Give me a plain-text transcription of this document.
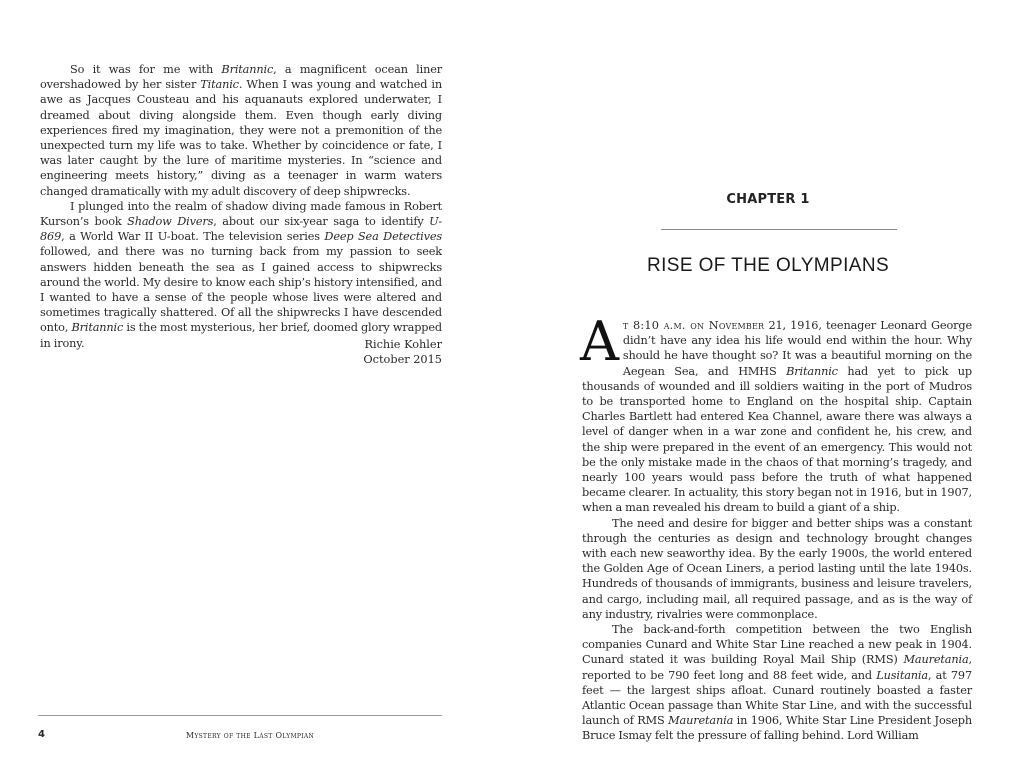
So it was for me with Britannic, a magnificent ocean liner overshadowed by her sister Titanic. When I was young and watched in awe as Jacques Cousteau and his aquanauts explored underwater, I dreamed about diving alongside them. Even though early diving experiences fired my imagination, they were not a premonition of the unexpected turn my life was to take. Whether by coincidence or fate, I was later caught by the lure of maritime mysteries. In “science and engineering meets history,” diving as a teenager in warm waters changed dramatically with my adult discovery of deep shipwrecks.

I plunged into the realm of shadow diving made famous in Robert Kurson’s book Shadow Divers, about our six-year saga to identify U-869, a World War II U-boat. The television series Deep Sea Detectives followed, and there was no turning back from my passion to seek answers hidden beneath the sea as I gained access to shipwrecks around the world. My desire to know each ship’s history intensified, and I wanted to have a sense of the people whose lives were altered and sometimes tragically shattered. Of all the shipwrecks I have descended onto, Britannic is the most mysterious, her brief, doomed glory wrapped in irony.	Richie Kohler
October 2015
4	Mystery of the Last Olympian
CHAPTER 1
RISE OF THE OLYMPIANS

At 8:10 a.m. on November 21, 1916, teenager Leonard George didn’t have any idea his life would end within the hour. Why should he have thought so? It was a beautiful morning on the Aegean Sea, and HMHS Britannic had yet to pick up thousands of wounded and ill soldiers waiting in the port of Mudros to be transported home to England on the hospital ship. Captain Charles Bartlett had entered Kea Channel, aware there was always a level of danger when in a war zone and confident he, his crew, and the ship were prepared in the event of an emergency. This would not be the only mistake made in the chaos of that morning’s tragedy, and nearly 100 years would pass before the truth of what happened became clearer. In actuality, this story began not in 1916, but in 1907, when a man revealed his dream to build a giant of a ship.

The need and desire for bigger and better ships was a constant through the centuries as design and technology brought changes with each new seaworthy idea. By the early 1900s, the world entered the Golden Age of Ocean Liners, a period lasting until the late 1940s. Hundreds of thousands of immigrants, business and leisure travelers, and cargo, including mail, all required passage, and as is the way of any industry, rivalries were commonplace.

The back-and-forth competition between the two English companies Cunard and White Star Line reached a new peak in 1904. Cunard stated it was building Royal Mail Ship (RMS) Mauretania, reported to be 790 feet long and 88 feet wide, and Lusitania, at 797 feet — the largest ships afloat. Cunard routinely boasted a faster Atlantic Ocean passage than White Star Line, and with the successful launch of RMS Mauretania in 1906, White Star Line President Joseph Bruce Ismay felt the pressure of falling behind. Lord William
